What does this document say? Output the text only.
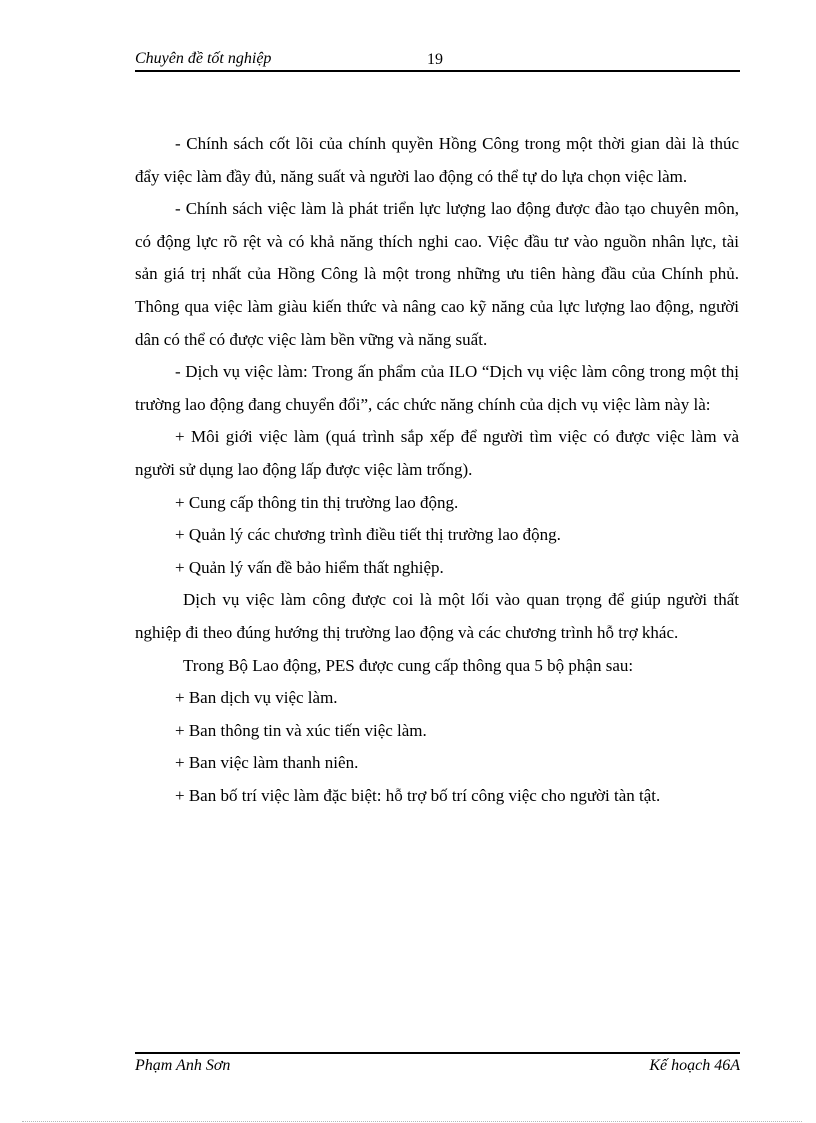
Chuyên đề tốt nghiệp	19

- Chính sách cốt lõi của chính quyền Hồng Công trong một thời gian dài là thúc đẩy việc làm đầy đủ, năng suất và người lao động có thể tự do lựa chọn việc làm.

- Chính sách việc làm là phát triển lực lượng lao động được đào tạo chuyên môn, có động lực rõ rệt và có khả năng thích nghi cao. Việc đầu tư vào nguồn nhân lực, tài sản giá trị nhất của Hồng Công là một trong những ưu tiên hàng đầu của Chính phủ. Thông qua việc làm giàu kiến thức và nâng cao kỹ năng của lực lượng lao động, người dân có thể có được việc làm bền vững và năng suất.

- Dịch vụ việc làm: Trong ấn phẩm của ILO “Dịch vụ việc làm công trong một thị trường lao động đang chuyển đổi”, các chức năng chính của dịch vụ việc làm này là:

+ Môi giới việc làm (quá trình sắp xếp để người tìm việc có được việc làm và người sử dụng lao động lấp được việc làm trống).

+ Cung cấp thông tin thị trường lao động.

+ Quản lý các chương trình điều tiết thị trường lao động.

+ Quản lý vấn đề bảo hiểm thất nghiệp.

Dịch vụ việc làm công được coi là một lối vào quan trọng để giúp người thất nghiệp đi theo đúng hướng thị trường lao động và các chương trình hỗ trợ khác.

Trong Bộ Lao động, PES được cung cấp thông qua 5 bộ phận sau:

+ Ban dịch vụ việc làm.

+ Ban thông tin và xúc tiến việc làm.

+ Ban việc làm thanh niên.

+ Ban bố trí việc làm đặc biệt: hỗ trợ bố trí công việc cho người tàn tật.

Phạm Anh Sơn	Kế hoạch 46A
